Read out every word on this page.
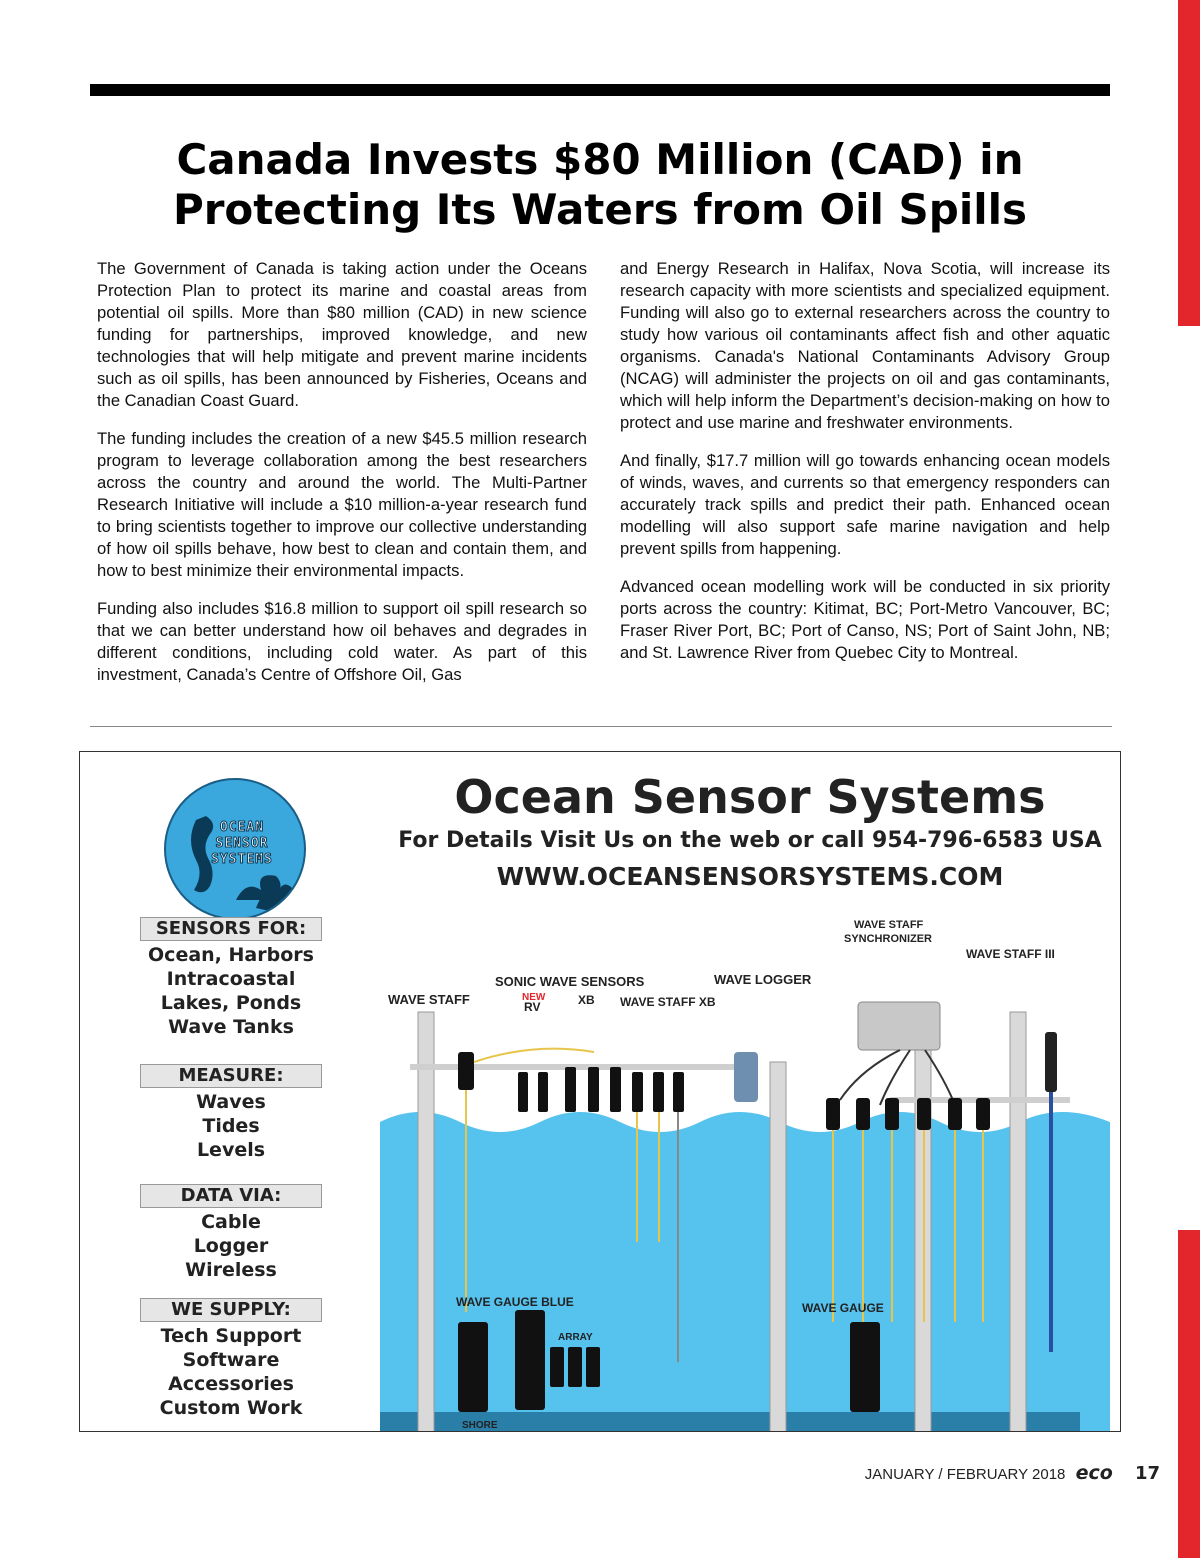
Canada Invests $80 Million (CAD) in Protecting Its Waters from Oil Spills

The Government of Canada is taking action under the Oceans Protection Plan to protect its marine and coastal areas from potential oil spills. More than $80 million (CAD) in new science funding for partnerships, improved knowledge, and new technologies that will help mitigate and prevent marine incidents such as oil spills, has been announced by Fisheries, Oceans and the Canadian Coast Guard.

The funding includes the creation of a new $45.5 million research program to leverage collaboration among the best researchers across the country and around the world. The Multi-Partner Research Initiative will include a $10 million-a-year research fund to bring scientists together to improve our collective understanding of how oil spills behave, how best to clean and contain them, and how to best minimize their environmental impacts.

Funding also includes $16.8 million to support oil spill research so that we can better understand how oil behaves and degrades in different conditions, including cold water. As part of this investment, Canada’s Centre of Offshore Oil, Gas

and Energy Research in Halifax, Nova Scotia, will increase its research capacity with more scientists and specialized equipment. Funding will also go to external researchers across the country to study how various oil contaminants affect fish and other aquatic organisms. Canada's National Contaminants Advisory Group (NCAG) will administer the projects on oil and gas contaminants, which will help inform the Department’s decision-making on how to protect and use marine and freshwater environments.

And finally, $17.7 million will go towards enhancing ocean models of winds, waves, and currents so that emergency responders can accurately track spills and predict their path. Enhanced ocean modelling will also support safe marine navigation and help prevent spills from happening.

Advanced ocean modelling work will be conducted in six priority ports across the country: Kitimat, BC; Port-Metro Vancouver, BC; Fraser River Port, BC; Port of Canso, NS; Port of Saint John, NB; and St. Lawrence River from Quebec City to Montreal.

OCEAN
SENSOR
SYSTEMS
Ocean Sensor Systems
For Details Visit Us on the web or call 954-796-6583 USA
WWW.OCEANSENSORSYSTEMS.COM
SENSORS FOR:
Ocean, Harbors
Intracoastal
Lakes, Ponds
Wave Tanks
MEASURE:
Waves
Tides
Levels
DATA VIA:
Cable
Logger
Wireless
WE SUPPLY:
Tech Support
Software
Accessories
Custom Work
WAVE STAFF
SONIC WAVE SENSORS
NEW
RV	XB WAVE STAFF XB
WAVE LOGGER
WAVE STAFF
SYNCHRONIZER
WAVE STAFF III
WAVE GAUGE BLUE
ARRAY
SHORE
WAVE GAUGE
JANUARY / FEBRUARY 2018 eco 17
